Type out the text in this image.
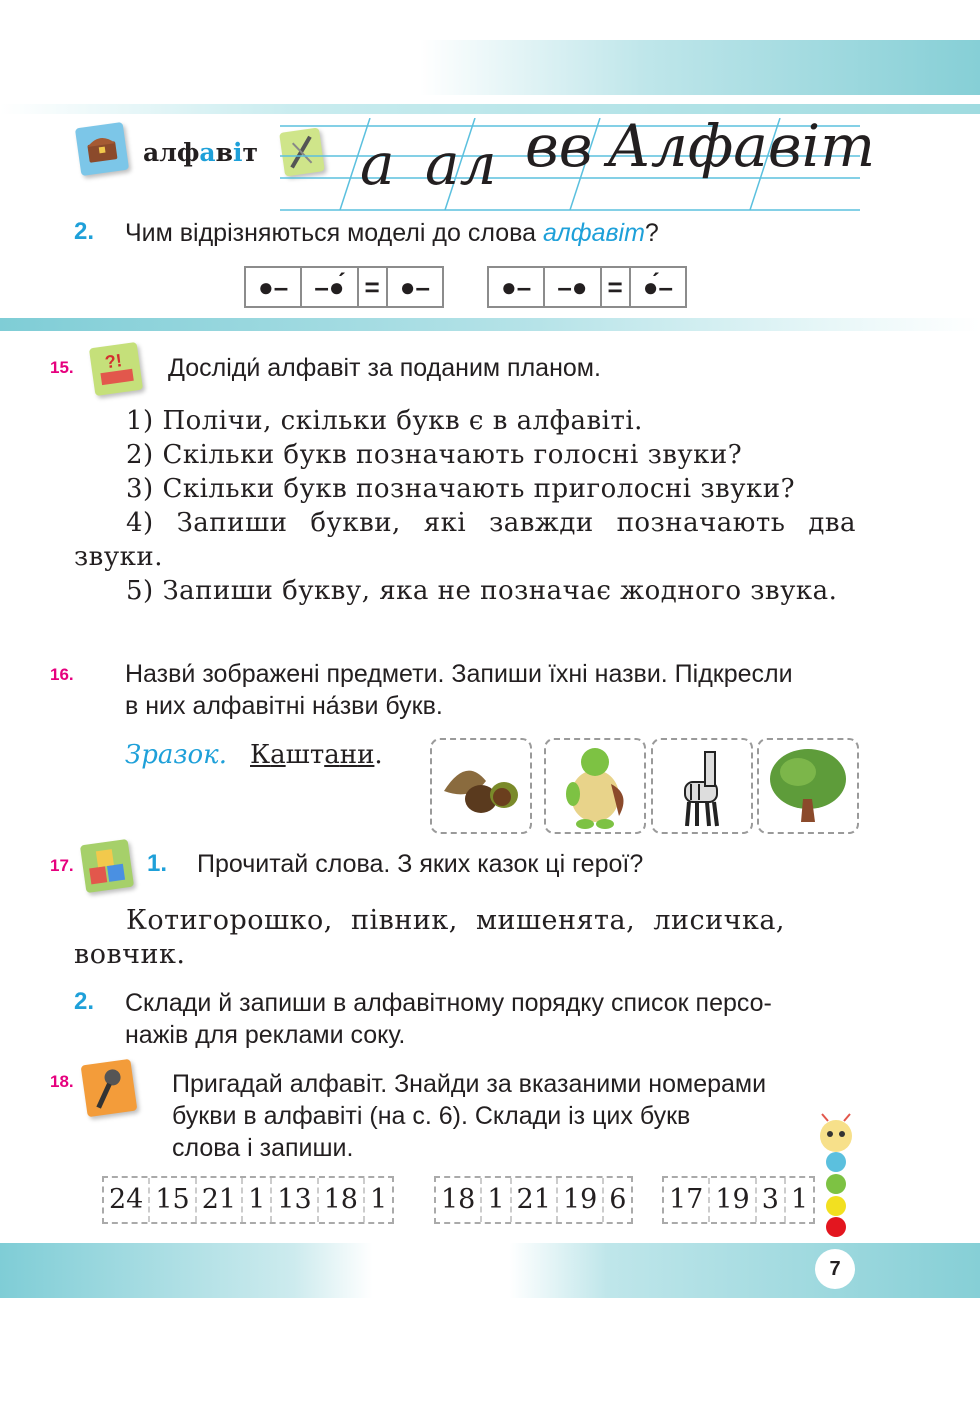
7
алфавіт а ал вв Алфавіт
2. Чим відрізняються моделі до слова алфавіт?
●–	–●́ = ●–	●–	–● = ●́–
15. ?! Досліди́ алфавіт за поданим планом.
1) Полічи, скільки букв є в алфавіті.
2) Скільки букв позначають голосні звуки?
3) Скільки букв позначають приголосні звуки?
4) Запиши букви, які завжди позначають два звуки.
5) Запиши букву, яка не позначає жодного звука.
16. Назви́ зображені предмети. Запиши їхні назви. Підкресли
в них алфавітні на́зви букв.
Зразок. Каштани.
17.	1. Прочитай слова. З яких казок ці герої?
Котигорошко,  півник,  мишенята,  лисичка,
вовчик.
2. Склади й запиши в алфавітному порядку список персо-
нажів для реклами соку.
18.	Пригадай алфавіт. Знайди за вказаними номерами
букви в алфавіті (на с. 6). Склади із цих букв
слова і запиши.
24 15 21 1 13 18 1 18 1 21 19 6 17 19 3 1
